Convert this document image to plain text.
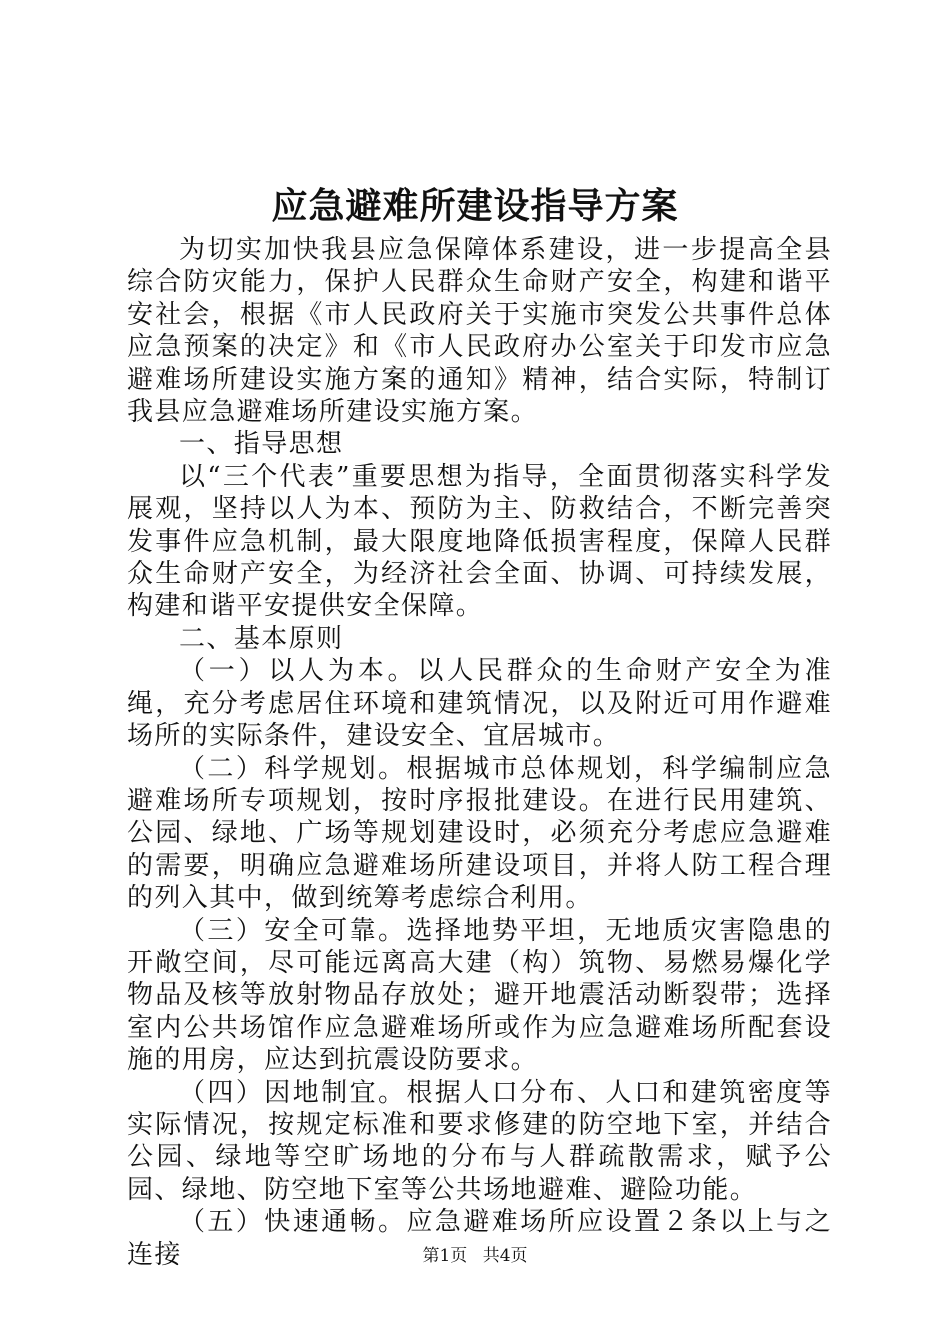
应急避难所建设指导方案

为切实加快我县应急保障体系建设，进一步提高全县综合防灾能力，保护人民群众生命财产安全，构建和谐平安社会，根据《市人民政府关于实施市突发公共事件总体应急预案的决定》和《市人民政府办公室关于印发市应急避难场所建设实施方案的通知》精神，结合实际，特制订我县应急避难场所建设实施方案。

一、指导思想

以“三个代表”重要思想为指导，全面贯彻落实科学发展观，坚持以人为本、预防为主、防救结合，不断完善突发事件应急机制，最大限度地降低损害程度，保障人民群众生命财产安全，为经济社会全面、协调、可持续发展，构建和谐平安提供安全保障。

二、基本原则

（一）以人为本。以人民群众的生命财产安全为准绳，充分考虑居住环境和建筑情况，以及附近可用作避难场所的实际条件，建设安全、宜居城市。

（二）科学规划。根据城市总体规划，科学编制应急避难场所专项规划，按时序报批建设。在进行民用建筑、公园、绿地、广场等规划建设时，必须充分考虑应急避难的需要，明确应急避难场所建设项目，并将人防工程合理的列入其中，做到统筹考虑综合利用。

（三）安全可靠。选择地势平坦，无地质灾害隐患的开敞空间，尽可能远离高大建（构）筑物、易燃易爆化学物品及核等放射物品存放处；避开地震活动断裂带；选择室内公共场馆作应急避难场所或作为应急避难场所配套设施的用房，应达到抗震设防要求。

（四）因地制宜。根据人口分布、人口和建筑密度等实际情况，按规定标准和要求修建的防空地下室，并结合公园、绿地等空旷场地的分布与人群疏散需求，赋予公园、绿地、防空地下室等公共场地避难、避险功能。

（五）快速通畅。应急避难场所应设置２条以上与之连接	第1页 共4页
